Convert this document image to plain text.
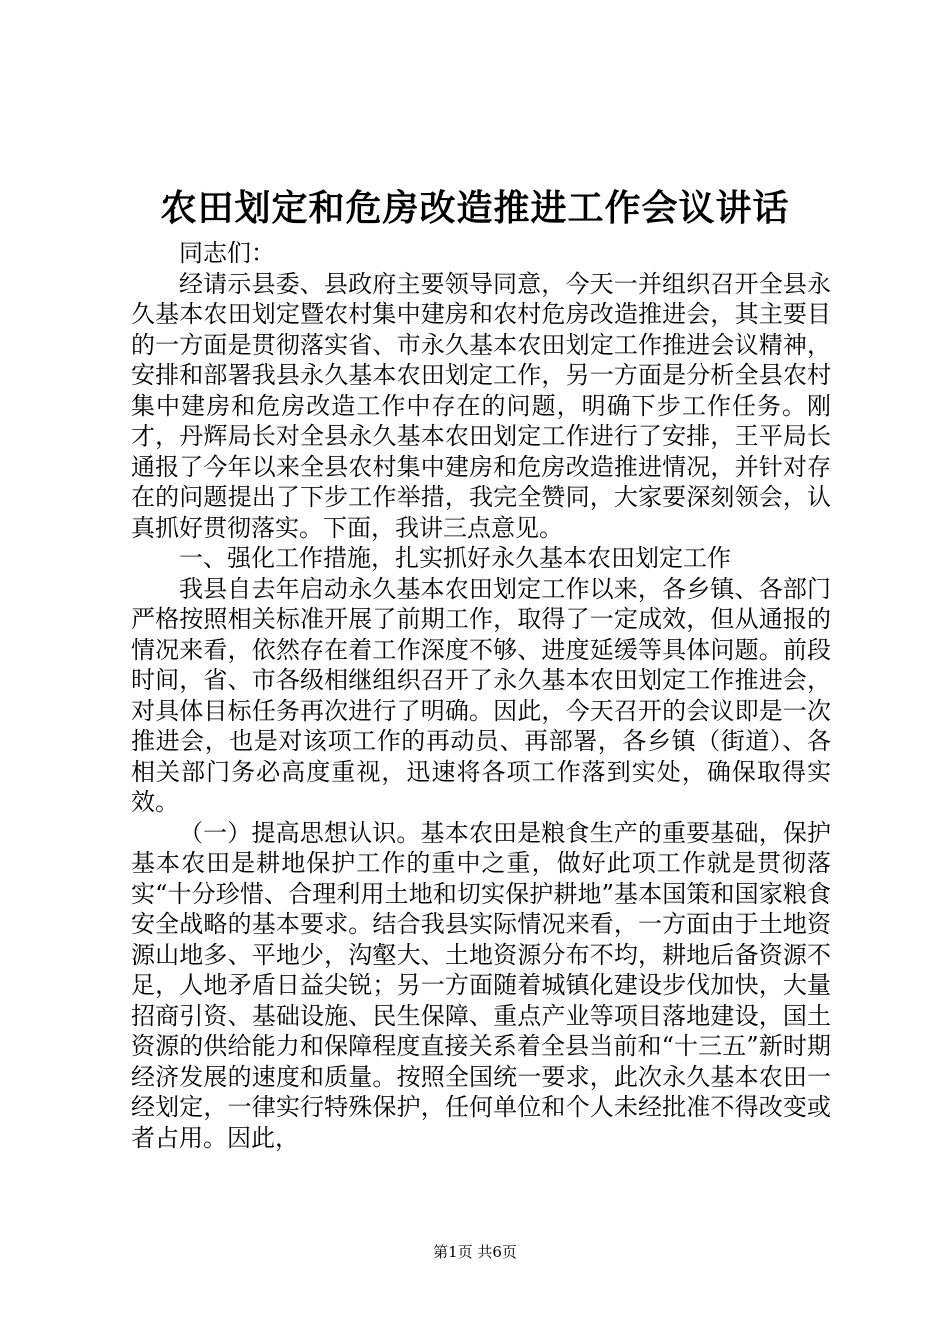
农田划定和危房改造推进工作会议讲话

同志们：

经请示县委、县政府主要领导同意，今天一并组织召开全县永久基本农田划定暨农村集中建房和农村危房改造推进会，其主要目的一方面是贯彻落实省、市永久基本农田划定工作推进会议精神，安排和部署我县永久基本农田划定工作，另一方面是分析全县农村集中建房和危房改造工作中存在的问题，明确下步工作任务。刚才，丹辉局长对全县永久基本农田划定工作进行了安排，王平局长通报了今年以来全县农村集中建房和危房改造推进情况，并针对存在的问题提出了下步工作举措，我完全赞同，大家要深刻领会，认真抓好贯彻落实。下面，我讲三点意见。

一、强化工作措施，扎实抓好永久基本农田划定工作

我县自去年启动永久基本农田划定工作以来，各乡镇、各部门严格按照相关标准开展了前期工作，取得了一定成效，但从通报的情况来看，依然存在着工作深度不够、进度延缓等具体问题。前段时间，省、市各级相继组织召开了永久基本农田划定工作推进会，对具体目标任务再次进行了明确。因此，今天召开的会议即是一次推进会，也是对该项工作的再动员、再部署，各乡镇（街道）、各相关部门务必高度重视，迅速将各项工作落到实处，确保取得实效。

（一）提高思想认识。基本农田是粮食生产的重要基础，保护基本农田是耕地保护工作的重中之重，做好此项工作就是贯彻落实“十分珍惜、合理利用土地和切实保护耕地”基本国策和国家粮食安全战略的基本要求。结合我县实际情况来看，一方面由于土地资源山地多、平地少，沟壑大、土地资源分布不均，耕地后备资源不足，人地矛盾日益尖锐；另一方面随着城镇化建设步伐加快，大量招商引资、基础设施、民生保障、重点产业等项目落地建设，国土资源的供给能力和保障程度直接关系着全县当前和“十三五”新时期经济发展的速度和质量。按照全国统一要求，此次永久基本农田一经划定，一律实行特殊保护，任何单位和个人未经批准不得改变或者占用。因此，

第1页 共6页
